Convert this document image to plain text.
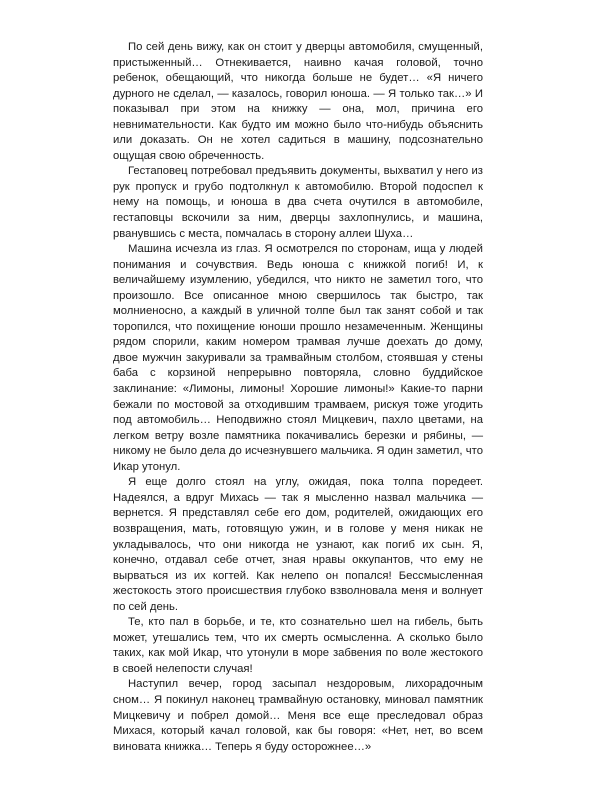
По сей день вижу, как он стоит у дверцы автомобиля, смущенный, пристыженный… Отнекивается, наивно качая головой, точно ребенок, обещающий, что никогда больше не будет… «Я ничего дурного не сделал, — казалось, говорил юноша. — Я только так…» И показывал при этом на книжку — она, мол, причина его невнимательности. Как будто им можно было что-нибудь объяснить или доказать. Он не хотел садиться в машину, подсознательно ощущая свою обреченность.

Гестаповец потребовал предъявить документы, выхватил у него из рук пропуск и грубо подтолкнул к автомобилю. Второй подоспел к нему на помощь, и юноша в два счета очутился в автомобиле, гестаповцы вскочили за ним, дверцы захлопнулись, и машина, рванувшись с места, помчалась в сторону аллеи Шуха…

Машина исчезла из глаз. Я осмотрелся по сторонам, ища у людей понимания и сочувствия. Ведь юноша с книжкой погиб! И, к величайшему изумлению, убедился, что никто не заметил того, что произошло. Все описанное мною свершилось так быстро, так молниеносно, а каждый в уличной толпе был так занят собой и так торопился, что похищение юноши прошло незамеченным. Женщины рядом спорили, каким номером трамвая лучше доехать до дому, двое мужчин закуривали за трамвайным столбом, стоявшая у стены баба с корзиной непрерывно повторяла, словно буддийское заклинание: «Лимоны, лимоны! Хорошие лимоны!» Какие-то парни бежали по мостовой за отходившим трамваем, рискуя тоже угодить под автомобиль… Неподвижно стоял Мицкевич, пахло цветами, на легком ветру возле памятника покачивались березки и рябины, — никому не было дела до исчезнувшего мальчика. Я один заметил, что Икар утонул.

Я еще долго стоял на углу, ожидая, пока толпа поредеет. Надеялся, а вдруг Михась — так я мысленно назвал мальчика — вернется. Я представлял себе его дом, родителей, ожидающих его возвращения, мать, готовящую ужин, и в голове у меня никак не укладывалось, что они никогда не узнают, как погиб их сын. Я, конечно, отдавал себе отчет, зная нравы оккупантов, что ему не вырваться из их когтей. Как нелепо он попался! Бессмысленная жестокость этого происшествия глубоко взволновала меня и волнует по сей день.

Те, кто пал в борьбе, и те, кто сознательно шел на гибель, быть может, утешались тем, что их смерть осмысленна. А сколько было таких, как мой Икар, что утонули в море забвения по воле жестокого в своей нелепости случая!

Наступил вечер, город засыпал нездоровым, лихорадочным сном… Я покинул наконец трамвайную остановку, миновал памятник Мицкевичу и побрел домой… Меня все еще преследовал образ Михася, который качал головой, как бы говоря: «Нет, нет, во всем виновата книжка… Теперь я буду осторожнее…»
